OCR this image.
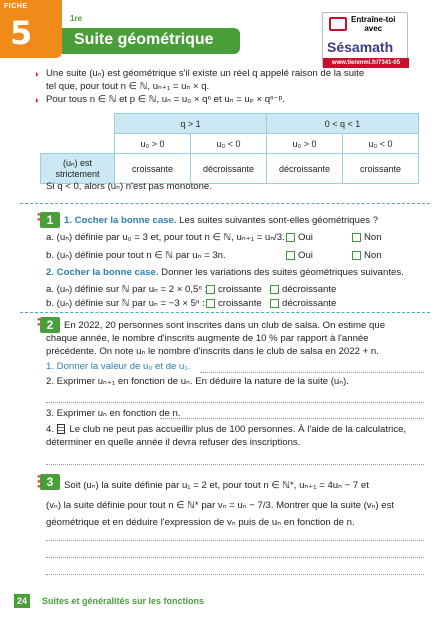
FICHE
5	1re
Suite géométrique
Entraîne-toi
avec
Sésamath
www.tienmmi.fr/7341-05
◗ Une suite (uₙ) est géométrique s'il existe un réel q appelé raison de la suite
tel que, pour tout n ∈ ℕ, uₙ₊₁ = uₙ × q.
◗ Pour tous n ∈ ℕ et p ∈ ℕ, uₙ = u₀ × qⁿ et uₙ = uₚ × qⁿ⁻ᵖ.
	q > 1		0 < q < 1	
	u₀ > 0	u₀ < 0	u₀ > 0	u₀ < 0
(uₙ) est strictement	croissante	décroissante	décroissante	croissante
Si q < 0, alors (uₙ) n'est pas monotone.
●
● 1	1. Cocher la bonne case. Les suites suivantes sont-elles géométriques ?
a. (uₙ) définie par u₀ = 3 et, pour tout n ∈ ℕ, uₙ₊₁ = uₙ/3.	Oui	Non
b. (uₙ) définie pour tout n ∈ ℕ par uₙ = 3n.	Oui	Non
2. Cocher la bonne case. Donner les variations des suites géométriques suivantes.
a. (uₙ) définie sur ℕ par uₙ = 2 × 0,5ⁿ :	croissante	décroissante
b. (uₙ) définie sur ℕ par uₙ = −3 × 5ⁿ :	croissante	décroissante
●
● 2	En 2022, 20 personnes sont inscrites dans un club de salsa. On estime que
chaque année, le nombre d'inscrits augmente de 10 % par rapport à l'année
précédente. On note uₙ le nombre d'inscrits dans le club de salsa en 2022 + n.
1. Donner la valeur de u₀ et de u₁.
2. Exprimer uₙ₊₁ en fonction de uₙ. En déduire la nature de la suite (uₙ).
3. Exprimer uₙ en fonction de n.
4. Le club ne peut pas accueillir plus de 100 personnes. À l'aide de la calculatrice,
déterminer en quelle année il devra refuser des inscriptions.
●
●
● 3	Soit (uₙ) la suite définie par u₁ = 2 et, pour tout n ∈ ℕ*, uₙ₊₁ = 4uₙ − 7 et
(vₙ) la suite définie pour tout n ∈ ℕ* par vₙ = uₙ − 7/3. Montrer que la suite (vₙ) est
géométrique et en déduire l'expression de vₙ puis de uₙ en fonction de n.
24	Suites et généralités sur les fonctions
